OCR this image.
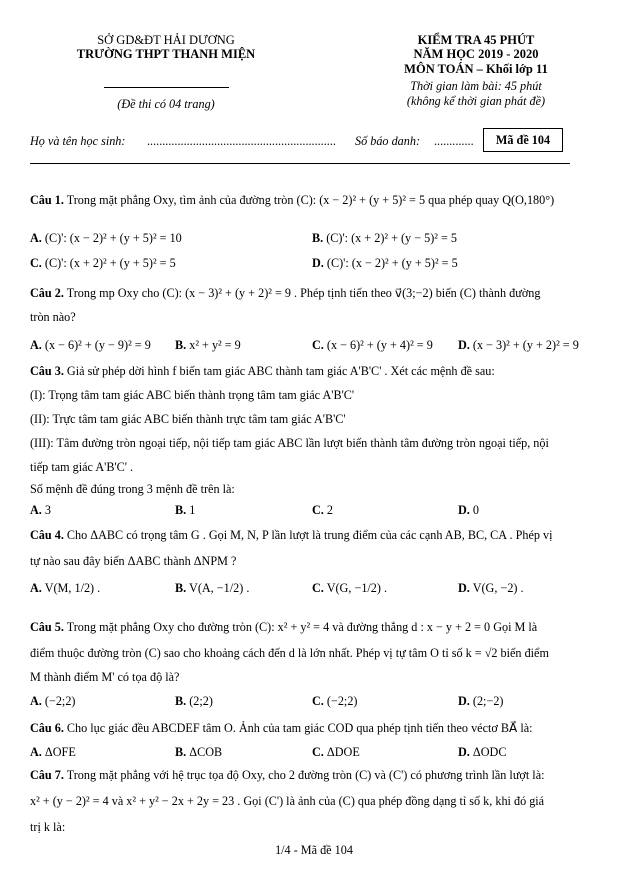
SỞ GD&ĐT HẢI DƯƠNG
TRƯỜNG THPT THANH MIỆN
(Đề thi có 04 trang)
KIỂM TRA 45 PHÚT
NĂM HỌC 2019 - 2020
MÔN TOÁN – Khối lớp 11
Thời gian làm bài: 45 phút
(không kể thời gian phát đề)
Họ và tên học sinh: .............................................................. Số báo danh: ............. Mã đề 104
Câu 1. Trong mặt phẳng Oxy, tìm ảnh của đường tròn (C): (x − 2)² + (y + 5)² = 5 qua phép quay Q(O,180°)
A. (C)': (x − 2)² + (y + 5)² = 10	B. (C)': (x + 2)² + (y − 5)² = 5
C. (C)': (x + 2)² + (y + 5)² = 5	D. (C)': (x − 2)² + (y + 5)² = 5
Câu 2. Trong mp Oxy cho (C): (x − 3)² + (y + 2)² = 9 . Phép tịnh tiến theo v⃗(3;−2) biến (C) thành đường
tròn nào?
A. (x − 6)² + (y − 9)² = 9 B. x² + y² = 9	C. (x − 6)² + (y + 4)² = 9 D. (x − 3)² + (y + 2)² = 9
Câu 3. Giả sử phép dời hình f biến tam giác ABC thành tam giác A'B'C' . Xét các mệnh đề sau:
(I): Trọng tâm tam giác ABC biến thành trọng tâm tam giác A'B'C'
(II): Trực tâm tam giác ABC biến thành trực tâm tam giác A'B'C'
(III): Tâm đường tròn ngoại tiếp, nội tiếp tam giác ABC lần lượt biến thành tâm đường tròn ngoại tiếp, nội
tiếp tam giác A'B'C' .
Số mệnh đề đúng trong 3 mệnh đề trên là:
A. 3	B. 1	C. 2	D. 0
Câu 4. Cho ΔABC có trọng tâm G . Gọi M, N, P lần lượt là trung điểm của các cạnh AB, BC, CA . Phép vị
tự nào sau đây biến ΔABC thành ΔNPM ?
A. V(M, 1/2) .	B. V(A, −1/2) .	C. V(G, −1/2) .	D. V(G, −2) .
Câu 5. Trong mặt phẳng Oxy cho đường tròn (C): x² + y² = 4 và đường thẳng d : x − y + 2 = 0 Gọi M là
điểm thuộc đường tròn (C) sao cho khoảng cách đến d là lớn nhất. Phép vị tự tâm O tỉ số k = √2 biến điểm
M thành điểm M' có tọa độ là?
A. (−2;2)	B. (2;2)	C. (−2;2)	D. (2;−2)
Câu 6. Cho lục giác đều ABCDEF tâm O. Ảnh của tam giác COD qua phép tịnh tiến theo véctơ BA⃗ là:
A. ΔOFE	B. ΔCOB	C. ΔDOE	D. ΔODC
Câu 7. Trong mặt phẳng với hệ trục tọa độ Oxy, cho 2 đường tròn (C) và (C') có phương trình lần lượt là:
x² + (y − 2)² = 4 và x² + y² − 2x + 2y = 23 . Gọi (C') là ảnh của (C) qua phép đồng dạng tỉ số k, khi đó giá
trị k là:
1/4 - Mã đề 104
